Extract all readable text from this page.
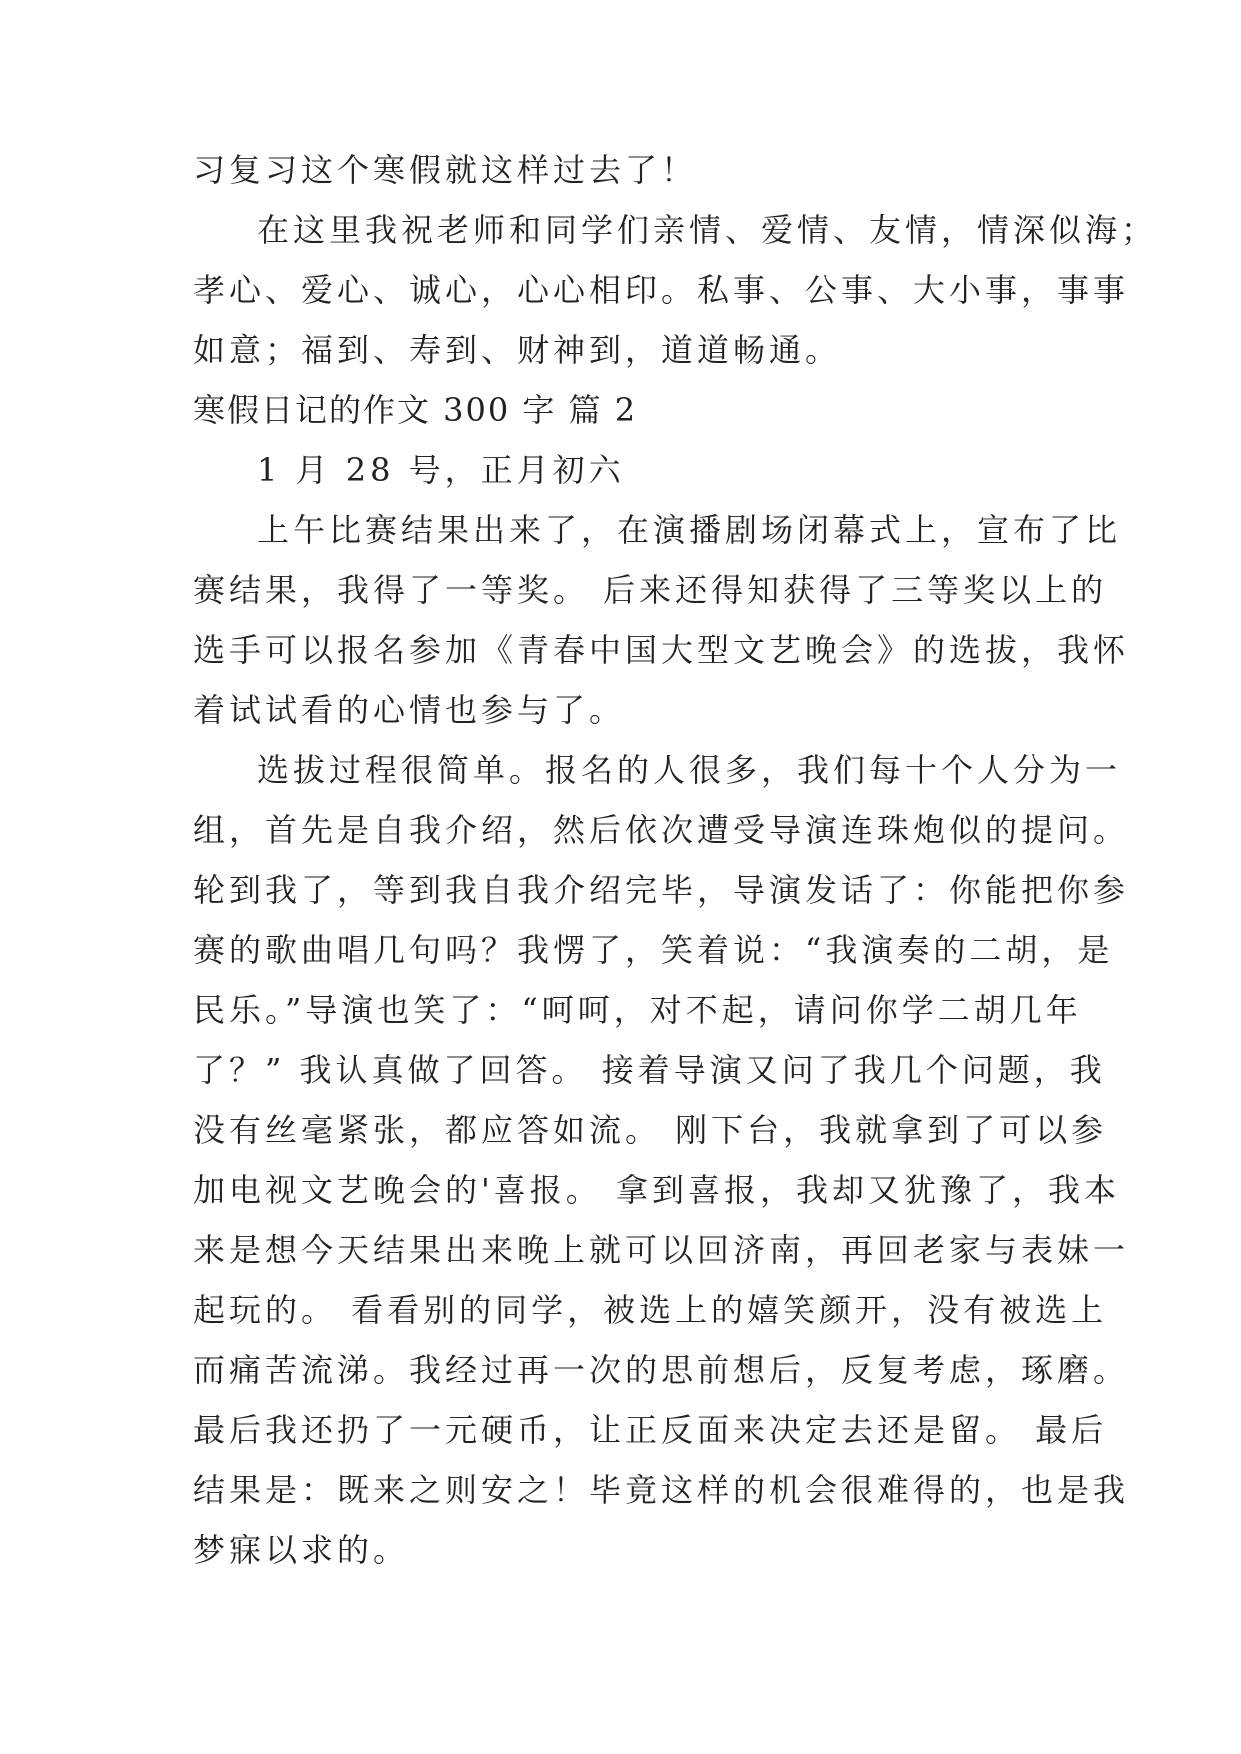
习复习这个寒假就这样过去了！
在这里我祝老师和同学们亲情、爱情、友情，情深似海；
孝心、爱心、诚心，心心相印。私事、公事、大小事，事事
如意；福到、寿到、财神到，道道畅通。
寒假日记的作文 300 字 篇 2
1 月 28 号，正月初六
上午比赛结果出来了，在演播剧场闭幕式上，宣布了比
赛结果，我得了一等奖。 后来还得知获得了三等奖以上的
选手可以报名参加《青春中国大型文艺晚会》的选拔，我怀
着试试看的心情也参与了。
选拔过程很简单。报名的人很多，我们每十个人分为一
组，首先是自我介绍，然后依次遭受导演连珠炮似的提问。
轮到我了，等到我自我介绍完毕，导演发话了：你能把你参
赛的歌曲唱几句吗？我愣了，笑着说：“我演奏的二胡，是
民乐。”导演也笑了：“呵呵，对不起，请问你学二胡几年
了？” 我认真做了回答。 接着导演又问了我几个问题，我
没有丝毫紧张，都应答如流。 刚下台，我就拿到了可以参
加电视文艺晚会的'喜报。 拿到喜报，我却又犹豫了，我本
来是想今天结果出来晚上就可以回济南，再回老家与表妹一
起玩的。 看看别的同学，被选上的嬉笑颜开，没有被选上
而痛苦流涕。我经过再一次的思前想后，反复考虑，琢磨。
最后我还扔了一元硬币，让正反面来决定去还是留。 最后
结果是：既来之则安之！毕竟这样的机会很难得的，也是我
梦寐以求的。
